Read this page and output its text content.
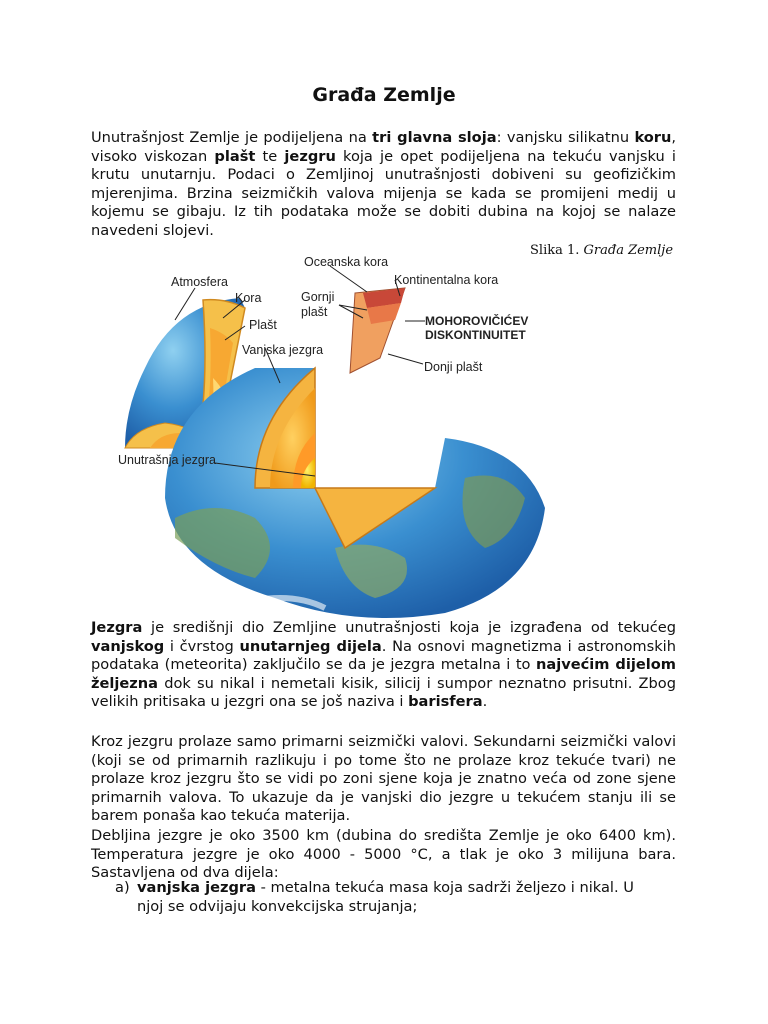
Građa Zemlje

Unutrašnjost Zemlje je podijeljena na tri glavna sloja: vanjsku silikatnu koru, visoko viskozan plašt te jezgru koja je opet podijeljena na tekuću vanjsku i krutu unutarnju. Podaci o Zemljinoj unutrašnjosti dobiveni su geofizičkim mjerenjima. Brzina seizmičkih valova mijenja se kada se promijeni medij u kojemu se gibaju. Iz tih podataka može se dobiti dubina na kojoj se nalaze navedeni slojevi.

Slika 1. Građa Zemlje
Atmosfera
Kora
Plašt
Vanjska jezgra
Unutrašnja jezgra
Oceanska kora
Kontinentalna kora
Gornji
plašt
MOHOROVIČIĆEV
DISKONTINUITET
Donji plašt

Jezgra je središnji dio Zemljine unutrašnjosti koja je izgrađena od tekućeg vanjskog i čvrstog unutarnjeg dijela. Na osnovi magnetizma i astronomskih podataka (meteorita) zaključilo se da je jezgra metalna i to najvećim dijelom željezna dok su nikal i nemetali kisik, silicij i sumpor neznatno prisutni. Zbog velikih pritisaka u jezgri ona se još naziva i barisfera.

Kroz jezgru prolaze samo primarni seizmički valovi. Sekundarni seizmički valovi (koji se od primarnih razlikuju i po tome što ne prolaze kroz tekuće tvari) ne prolaze kroz jezgru što se vidi po zoni sjene koja je znatno veća od zone sjene primarnih valova. To ukazuje da je vanjski dio jezgre u tekućem stanju ili se barem ponaša kao tekuća materija.

Debljina jezgre je oko 3500 km (dubina do središta Zemlje je oko 6400 km). Temperatura jezgre je oko 4000 - 5000 °C, a tlak je oko 3 milijuna bara. Sastavljena od dva dijela:

a) vanjska jezgra - metalna tekuća masa koja sadrži željezo i nikal. U
njoj se odvijaju konvekcijska strujanja;
